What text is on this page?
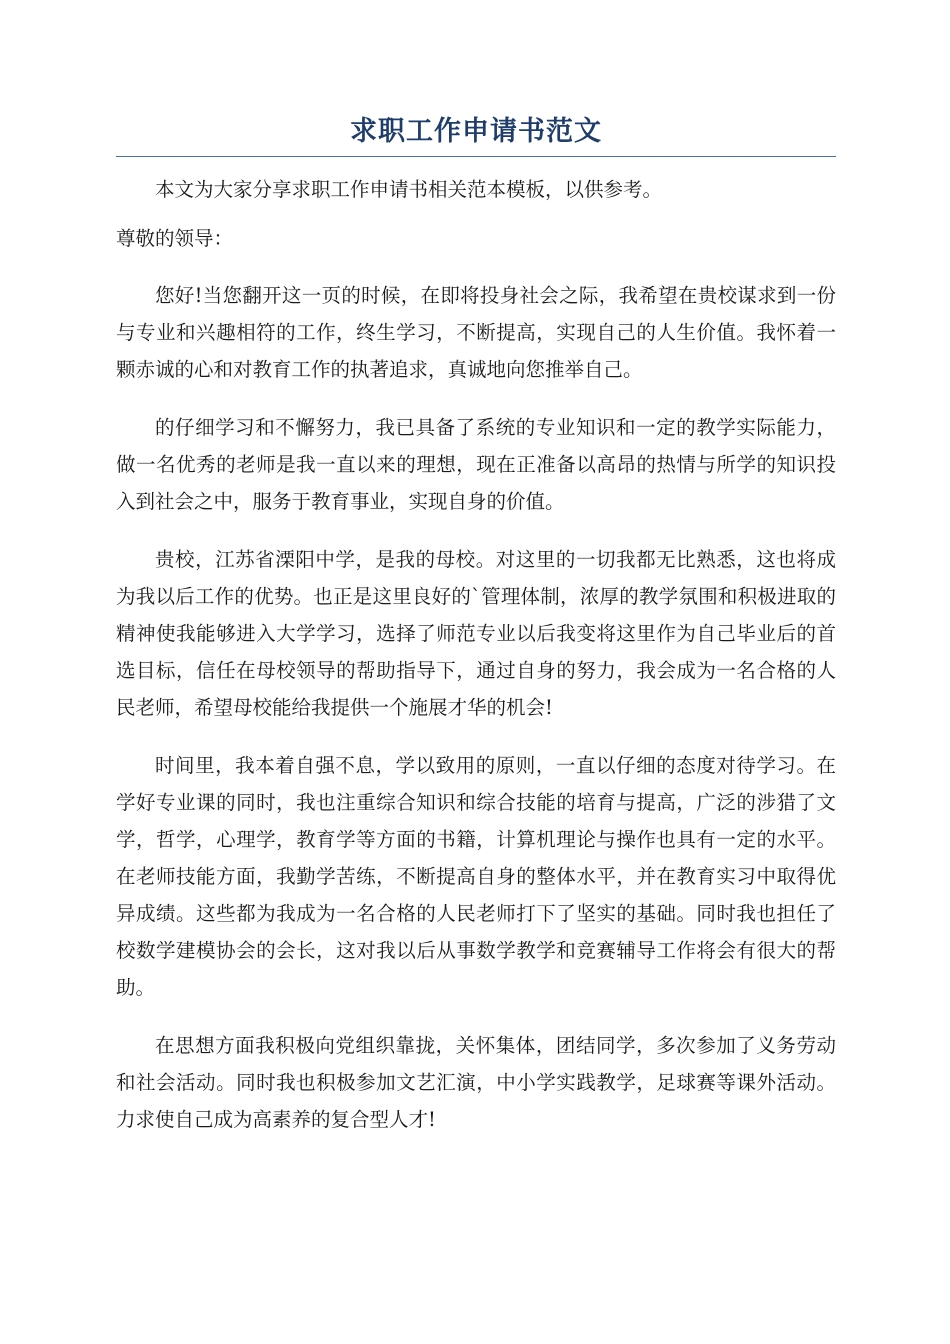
求职工作申请书范文

本文为大家分享求职工作申请书相关范本模板，以供参考。

尊敬的领导：

您好!当您翻开这一页的时候，在即将投身社会之际，我希望在贵校谋求到一份与专业和兴趣相符的工作，终生学习，不断提高，实现自己的人生价值。我怀着一颗赤诚的心和对教育工作的执著追求，真诚地向您推举自己。

的仔细学习和不懈努力，我已具备了系统的专业知识和一定的教学实际能力，做一名优秀的老师是我一直以来的理想，现在正准备以高昂的热情与所学的知识投入到社会之中，服务于教育事业，实现自身的价值。

贵校，江苏省溧阳中学，是我的母校。对这里的一切我都无比熟悉，这也将成为我以后工作的优势。也正是这里良好的`管理体制，浓厚的教学氛围和积极进取的精神使我能够进入大学学习，选择了师范专业以后我变将这里作为自己毕业后的首选目标，信任在母校领导的帮助指导下，通过自身的努力，我会成为一名合格的人民老师，希望母校能给我提供一个施展才华的机会!

时间里，我本着自强不息，学以致用的原则，一直以仔细的态度对待学习。在学好专业课的同时，我也注重综合知识和综合技能的培育与提高，广泛的涉猎了文学，哲学，心理学，教育学等方面的书籍，计算机理论与操作也具有一定的水平。在老师技能方面，我勤学苦练，不断提高自身的整体水平，并在教育实习中取得优异成绩。这些都为我成为一名合格的人民老师打下了坚实的基础。同时我也担任了校数学建模协会的会长，这对我以后从事数学教学和竞赛辅导工作将会有很大的帮助。

在思想方面我积极向党组织靠拢，关怀集体，团结同学，多次参加了义务劳动和社会活动。同时我也积极参加文艺汇演，中小学实践教学，足球赛等课外活动。力求使自己成为高素养的复合型人才!
